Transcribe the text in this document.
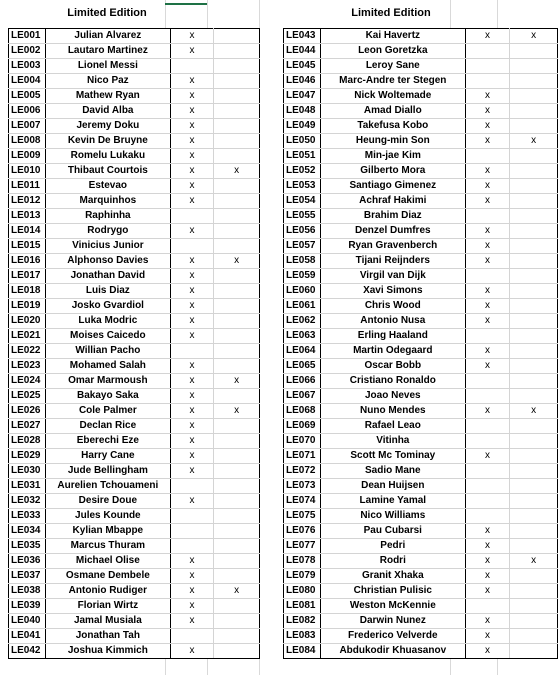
Limited Edition	Limited Edition
LE001	Julian Alvarez	x	
LE002	Lautaro Martinez	x	
LE003	Lionel Messi		
LE004	Nico Paz	x	
LE005	Mathew Ryan	x	
LE006	David Alba	x	
LE007	Jeremy Doku	x	
LE008	Kevin De Bruyne	x	
LE009	Romelu Lukaku	x	
LE010	Thibaut Courtois	x	x
LE011	Estevao	x	
LE012	Marquinhos	x	
LE013	Raphinha		
LE014	Rodrygo	x	
LE015	Vinicius Junior		
LE016	Alphonso Davies	x	x
LE017	Jonathan David	x	
LE018	Luis Diaz	x	
LE019	Josko Gvardiol	x	
LE020	Luka Modric	x	
LE021	Moises Caicedo	x	
LE022	Willian Pacho		
LE023	Mohamed Salah	x	
LE024	Omar Marmoush	x	x
LE025	Bakayo Saka	x	
LE026	Cole Palmer	x	x
LE027	Declan Rice	x	
LE028	Eberechi Eze	x	
LE029	Harry Cane	x	
LE030	Jude Bellingham	x	
LE031	Aurelien Tchouameni		
LE032	Desire Doue	x	
LE033	Jules Kounde		
LE034	Kylian Mbappe		
LE035	Marcus Thuram		
LE036	Michael Olise	x	
LE037	Osmane Dembele	x	
LE038	Antonio Rudiger	x	x
LE039	Florian Wirtz	x	
LE040	Jamal Musiala	x	
LE041	Jonathan Tah		
LE042	Joshua Kimmich	x	
LE043	Kai Havertz	x	x
LE044	Leon Goretzka		
LE045	Leroy Sane		
LE046	Marc-Andre ter Stegen		
LE047	Nick Woltemade	x	
LE048	Amad Diallo	x	
LE049	Takefusa Kobo	x	
LE050	Heung-min Son	x	x
LE051	Min-jae Kim		
LE052	Gilberto Mora	x	
LE053	Santiago Gimenez	x	
LE054	Achraf Hakimi	x	
LE055	Brahim Diaz		
LE056	Denzel Dumfres	x	
LE057	Ryan Gravenberch	x	
LE058	Tijani Reijnders	x	
LE059	Virgil van Dijk		
LE060	Xavi Simons	x	
LE061	Chris Wood	x	
LE062	Antonio Nusa	x	
LE063	Erling Haaland		
LE064	Martin Odegaard	x	
LE065	Oscar Bobb	x	
LE066	Cristiano Ronaldo		
LE067	Joao Neves		
LE068	Nuno Mendes	x	x
LE069	Rafael Leao		
LE070	Vitinha		
LE071	Scott Mc Tominay	x	
LE072	Sadio Mane		
LE073	Dean Huijsen		
LE074	Lamine Yamal		
LE075	Nico Williams		
LE076	Pau Cubarsi	x	
LE077	Pedri	x	
LE078	Rodri	x	x
LE079	Granit Xhaka	x	
LE080	Christian Pulisic	x	
LE081	Weston McKennie		
LE082	Darwin Nunez	x	
LE083	Frederico Velverde	x	
LE084	Abdukodir Khuasanov	x	
